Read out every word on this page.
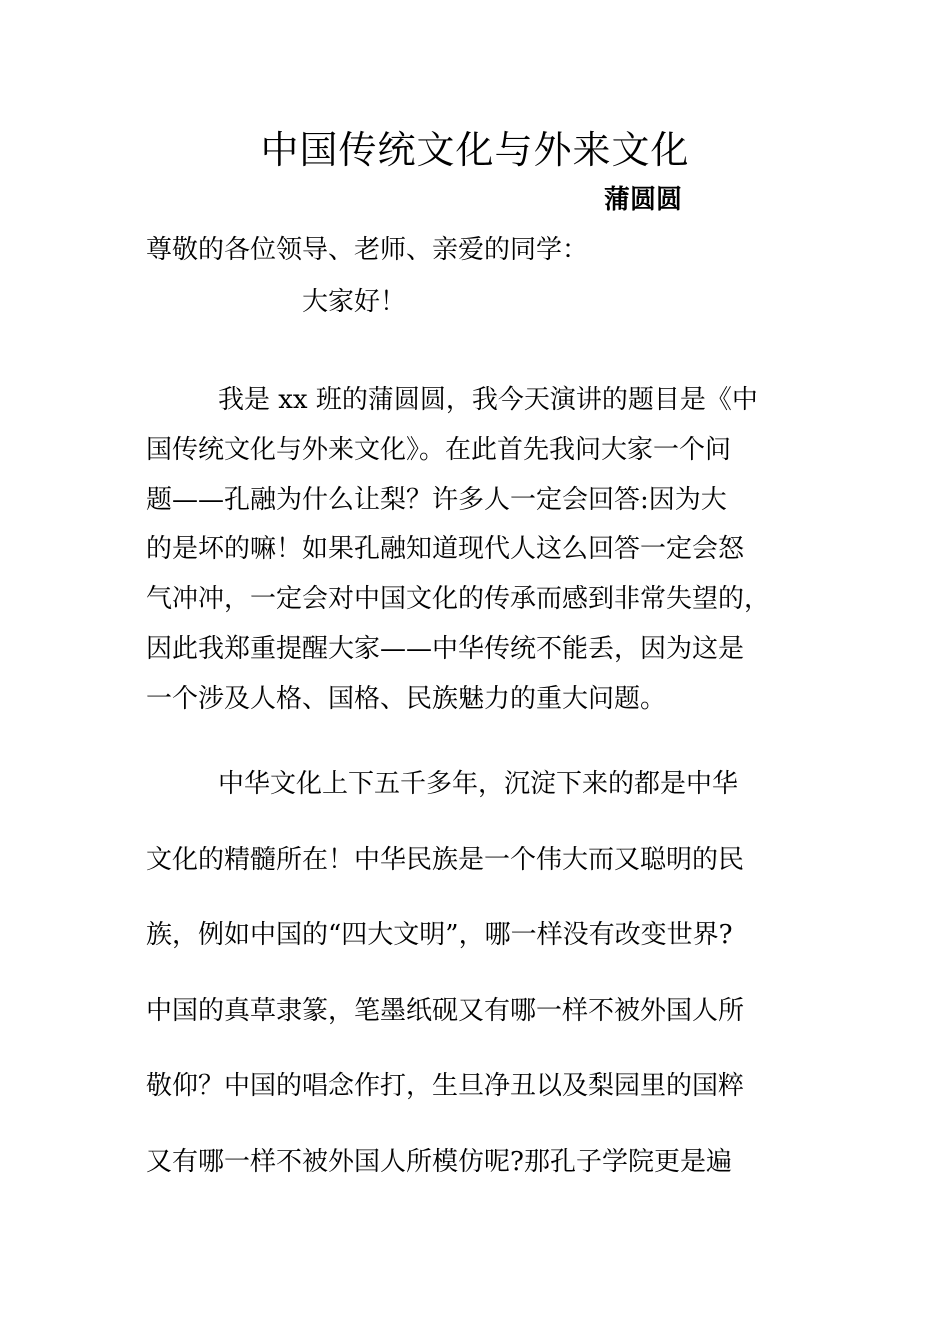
中国传统文化与外来文化
蒲圆圆
尊敬的各位领导、老师、亲爱的同学：
大家好！
我是 xx 班的蒲圆圆，我今天演讲的题目是《中
国传统文化与外来文化》。在此首先我问大家一个问
题——孔融为什么让梨？许多人一定会回答:因为大
的是坏的嘛！如果孔融知道现代人这么回答一定会怒
气冲冲，一定会对中国文化的传承而感到非常失望的，
因此我郑重提醒大家——中华传统不能丢，因为这是
一个涉及人格、国格、民族魅力的重大问题。
中华文化上下五千多年，沉淀下来的都是中华
文化的精髓所在！中华民族是一个伟大而又聪明的民
族，例如中国的“四大文明”，哪一样没有改变世界?
中国的真草隶篆，笔墨纸砚又有哪一样不被外国人所
敬仰？中国的唱念作打，生旦净丑以及梨园里的国粹
又有哪一样不被外国人所模仿呢?那孔子学院更是遍
